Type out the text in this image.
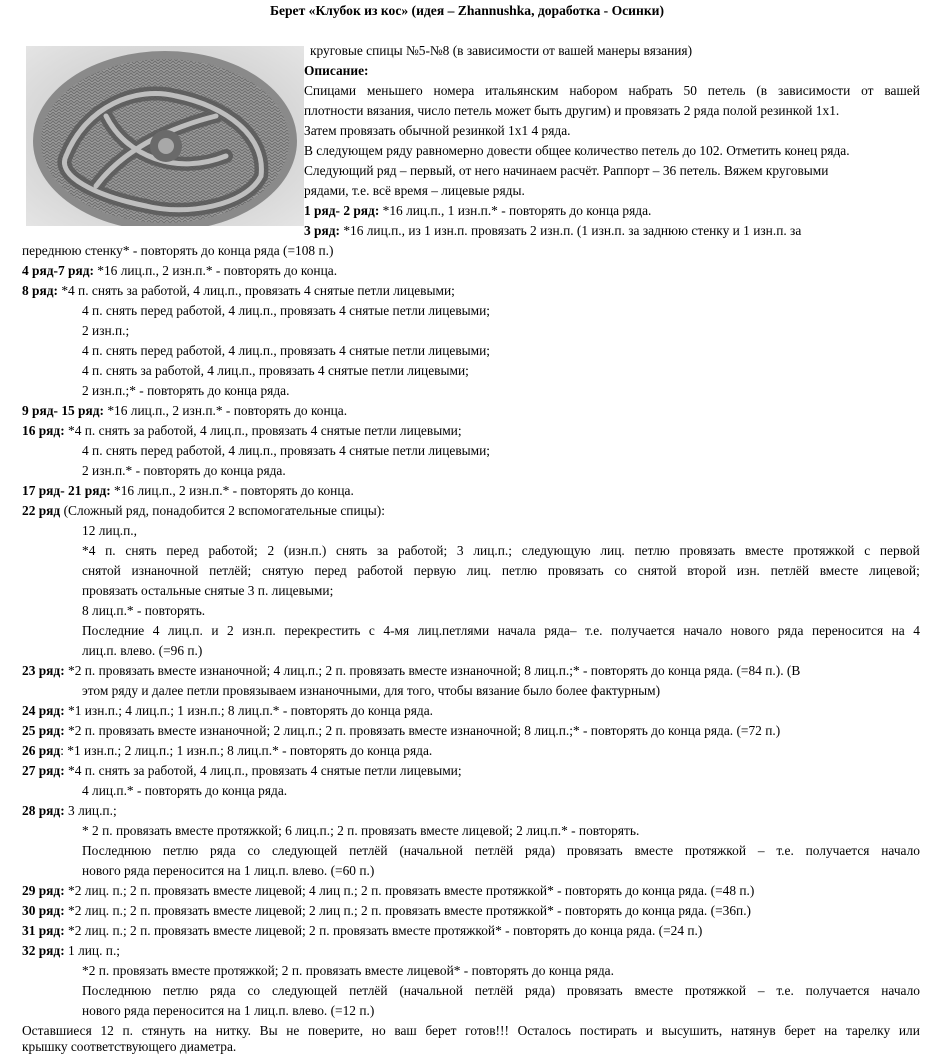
Берет «Клубок из кос» (идея – Zhannushka, доработка - Осинки)
круговые спицы №5-№8 (в зависимости от вашей манеры вязания)
Описание:
Спицами меньшего номера итальянским набором набрать 50 петель (в зависимости от вашей
плотности вязания, число петель может быть другим) и провязать 2 ряда полой резинкой 1х1.
Затем провязать обычной резинкой 1х1 4 ряда.
В следующем ряду равномерно довести общее количество петель до 102. Отметить конец ряда.
Следующий ряд – первый, от него начинаем расчёт. Раппорт – 36 петель. Вяжем круговыми
рядами, т.е. всё время – лицевые ряды.
1 ряд- 2 ряд: *16 лиц.п., 1 изн.п.* - повторять до конца ряда.
3 ряд: *16 лиц.п., из 1 изн.п. провязать 2 изн.п. (1 изн.п. за заднюю стенку и 1 изн.п. за
переднюю стенку* - повторять до конца ряда (=108 п.)
4 ряд-7 ряд: *16 лиц.п., 2 изн.п.* - повторять до конца.
8 ряд: *4 п. снять за работой, 4 лиц.п., провязать 4 снятые петли лицевыми;
4 п. снять перед работой, 4 лиц.п., провязать 4 снятые петли лицевыми;
2 изн.п.;
4 п. снять перед работой, 4 лиц.п., провязать 4 снятые петли лицевыми;
4 п. снять за работой, 4 лиц.п., провязать 4 снятые петли лицевыми;
2 изн.п.;* - повторять до конца ряда.
9 ряд- 15 ряд: *16 лиц.п., 2 изн.п.* - повторять до конца.
16 ряд: *4 п. снять за работой, 4 лиц.п., провязать 4 снятые петли лицевыми;
4 п. снять перед работой, 4 лиц.п., провязать 4 снятые петли лицевыми;
2 изн.п.* - повторять до конца ряда.
17 ряд- 21 ряд: *16 лиц.п., 2 изн.п.* - повторять до конца.
22 ряд (Сложный ряд, понадобится 2 вспомогательные спицы):
12 лиц.п.,
*4 п. снять перед работой; 2 (изн.п.) снять за работой; 3 лиц.п.; следующую лиц. петлю провязать вместе протяжкой с первой
снятой изнаночной петлёй; снятую перед работой первую лиц. петлю провязать со снятой второй изн. петлёй вместе лицевой;
провязать остальные снятые 3 п. лицевыми;
8 лиц.п.* - повторять.
Последние 4 лиц.п. и 2 изн.п. перекрестить с 4-мя лиц.петлями начала ряда– т.е. получается начало нового ряда переносится на 4
лиц.п. влево. (=96 п.)
23 ряд: *2 п. провязать вместе изнаночной; 4 лиц.п.; 2 п. провязать вместе изнаночной; 8 лиц.п.;* - повторять до конца ряда. (=84 п.). (В
этом ряду и далее петли провязываем изнаночными, для того, чтобы вязание было более фактурным)
24 ряд: *1 изн.п.; 4 лиц.п.; 1 изн.п.; 8 лиц.п.* - повторять до конца ряда.
25 ряд: *2 п. провязать вместе изнаночной; 2 лиц.п.; 2 п. провязать вместе изнаночной; 8 лиц.п.;* - повторять до конца ряда. (=72 п.)
26 ряд: *1 изн.п.; 2 лиц.п.; 1 изн.п.; 8 лиц.п.* - повторять до конца ряда.
27 ряд: *4 п. снять за работой, 4 лиц.п., провязать 4 снятые петли лицевыми;
4 лиц.п.* - повторять до конца ряда.
28 ряд: 3 лиц.п.;
* 2 п. провязать вместе протяжкой; 6 лиц.п.; 2 п. провязать вместе лицевой; 2 лиц.п.* - повторять.
Последнюю петлю ряда со следующей петлёй (начальной петлёй ряда) провязать вместе протяжкой – т.е. получается начало
нового ряда переносится на 1 лиц.п. влево. (=60 п.)
29 ряд: *2 лиц. п.; 2 п. провязать вместе лицевой; 4 лиц п.; 2 п. провязать вместе протяжкой* - повторять до конца ряда. (=48 п.)
30 ряд: *2 лиц. п.; 2 п. провязать вместе лицевой; 2 лиц п.; 2 п. провязать вместе протяжкой* - повторять до конца ряда. (=36п.)
31 ряд: *2 лиц. п.; 2 п. провязать вместе лицевой; 2 п. провязать вместе протяжкой* - повторять до конца ряда. (=24 п.)
32 ряд: 1 лиц. п.;
*2 п. провязать вместе протяжкой; 2 п. провязать вместе лицевой* - повторять до конца ряда.
Последнюю петлю ряда со следующей петлёй (начальной петлёй ряда) провязать вместе протяжкой – т.е. получается начало
нового ряда переносится на 1 лиц.п. влево. (=12 п.)
Оставшиеся 12 п. стянуть на нитку. Вы не поверите, но ваш берет готов!!! Осталось постирать и высушить, натянув берет на тарелку или
крышку соответствующего диаметра.
